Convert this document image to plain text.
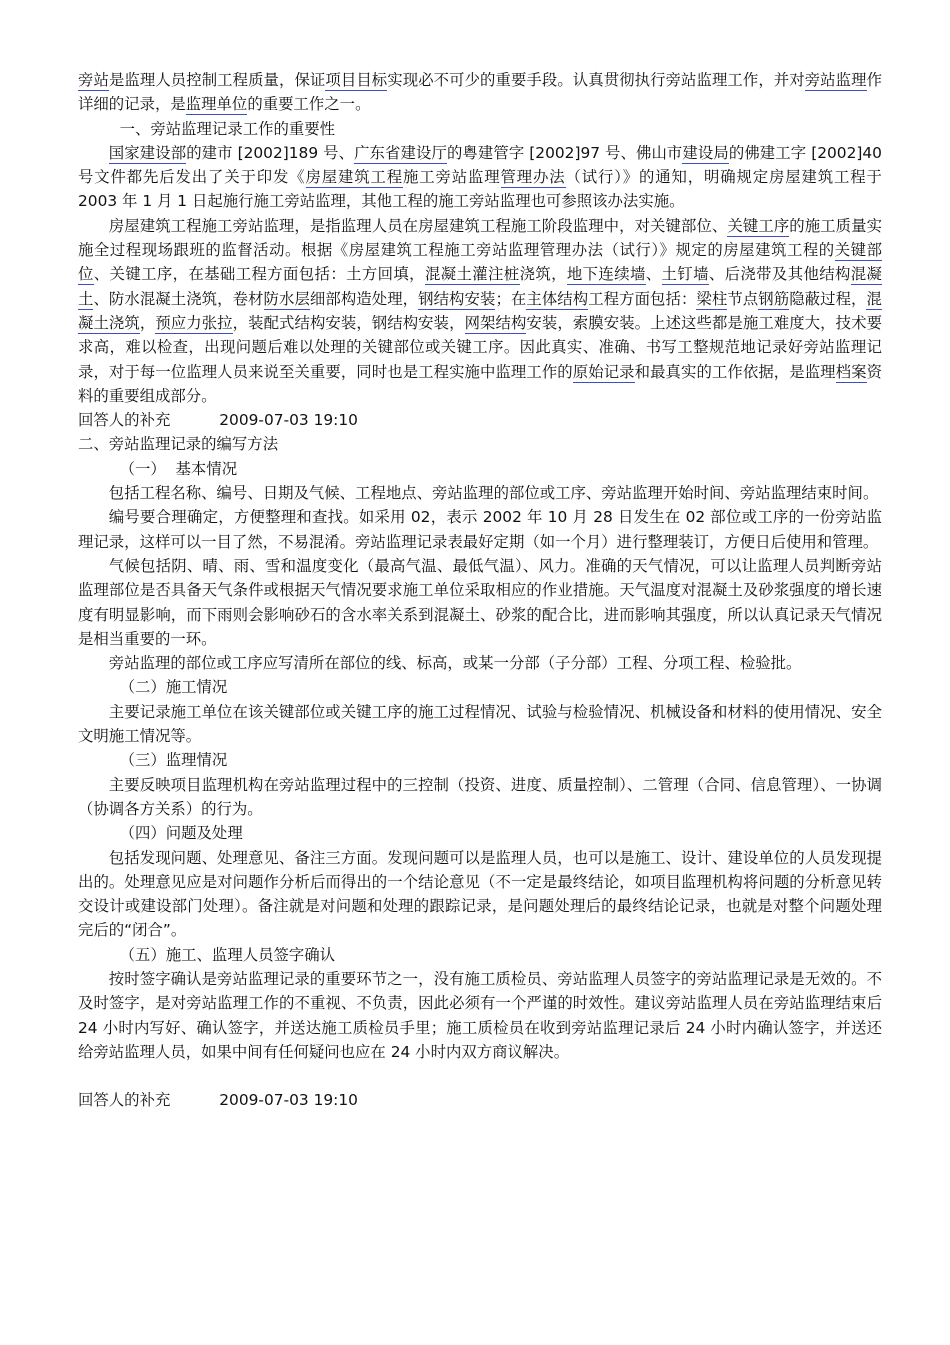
旁站是监理人员控制工程质量，保证项目目标实现必不可少的重要手段。认真贯彻执行旁站监理工作，并对旁站监理作详细的记录，是监理单位的重要工作之一。

一、旁站监理记录工作的重要性

国家建设部的建市 [2002]189 号、广东省建设厅的粤建管字 [2002]97 号、佛山市建设局的佛建工字 [2002]40 号文件都先后发出了关于印发《房屋建筑工程施工旁站监理管理办法（试行）》的通知，明确规定房屋建筑工程于 2003 年 1 月 1 日起施行施工旁站监理，其他工程的施工旁站监理也可参照该办法实施。

房屋建筑工程施工旁站监理，是指监理人员在房屋建筑工程施工阶段监理中，对关键部位、关键工序的施工质量实施全过程现场跟班的监督活动。根据《房屋建筑工程施工旁站监理管理办法（试行）》规定的房屋建筑工程的关键部位、关键工序，在基础工程方面包括：土方回填，混凝土灌注桩浇筑，地下连续墙、土钉墙、后浇带及其他结构混凝土、防水混凝土浇筑，卷材防水层细部构造处理，钢结构安装；在主体结构工程方面包括：梁柱节点钢筋隐蔽过程，混凝土浇筑，预应力张拉，装配式结构安装，钢结构安装，网架结构安装，索膜安装。上述这些都是施工难度大，技术要求高，难以检查，出现问题后难以处理的关键部位或关键工序。因此真实、准确、书写工整规范地记录好旁站监理记录，对于每一位监理人员来说至关重要，同时也是工程实施中监理工作的原始记录和最真实的工作依据，是监理档案资料的重要组成部分。

回答人的补充          2009-07-03 19:10

二、旁站监理记录的编写方法

（一）  基本情况

包括工程名称、编号、日期及气候、工程地点、旁站监理的部位或工序、旁站监理开始时间、旁站监理结束时间。

编号要合理确定，方便整理和查找。如采用 02，表示 2002 年 10 月 28 日发生在 02 部位或工序的一份旁站监理记录，这样可以一目了然，不易混淆。旁站监理记录表最好定期（如一个月）进行整理装订，方便日后使用和管理。

气候包括阴、晴、雨、雪和温度变化（最高气温、最低气温）、风力。准确的天气情况，可以让监理人员判断旁站监理部位是否具备天气条件或根据天气情况要求施工单位采取相应的作业措施。天气温度对混凝土及砂浆强度的增长速度有明显影响，而下雨则会影响砂石的含水率关系到混凝土、砂浆的配合比，进而影响其强度，所以认真记录天气情况是相当重要的一环。

旁站监理的部位或工序应写清所在部位的线、标高，或某一分部（子分部）工程、分项工程、检验批。

（二）施工情况

主要记录施工单位在该关键部位或关键工序的施工过程情况、试验与检验情况、机械设备和材料的使用情况、安全文明施工情况等。

（三）监理情况

主要反映项目监理机构在旁站监理过程中的三控制（投资、进度、质量控制）、二管理（合同、信息管理）、一协调（协调各方关系）的行为。

（四）问题及处理

包括发现问题、处理意见、备注三方面。发现问题可以是监理人员，也可以是施工、设计、建设单位的人员发现提出的。处理意见应是对问题作分析后而得出的一个结论意见（不一定是最终结论，如项目监理机构将问题的分析意见转交设计或建设部门处理）。备注就是对问题和处理的跟踪记录，是问题处理后的最终结论记录，也就是对整个问题处理完后的“闭合”。

（五）施工、监理人员签字确认

按时签字确认是旁站监理记录的重要环节之一，没有施工质检员、旁站监理人员签字的旁站监理记录是无效的。不及时签字，是对旁站监理工作的不重视、不负责，因此必须有一个严谨的时效性。建议旁站监理人员在旁站监理结束后 24 小时内写好、确认签字，并送达施工质检员手里；施工质检员在收到旁站监理记录后 24 小时内确认签字，并送还给旁站监理人员，如果中间有任何疑问也应在 24 小时内双方商议解决。

回答人的补充          2009-07-03 19:10
